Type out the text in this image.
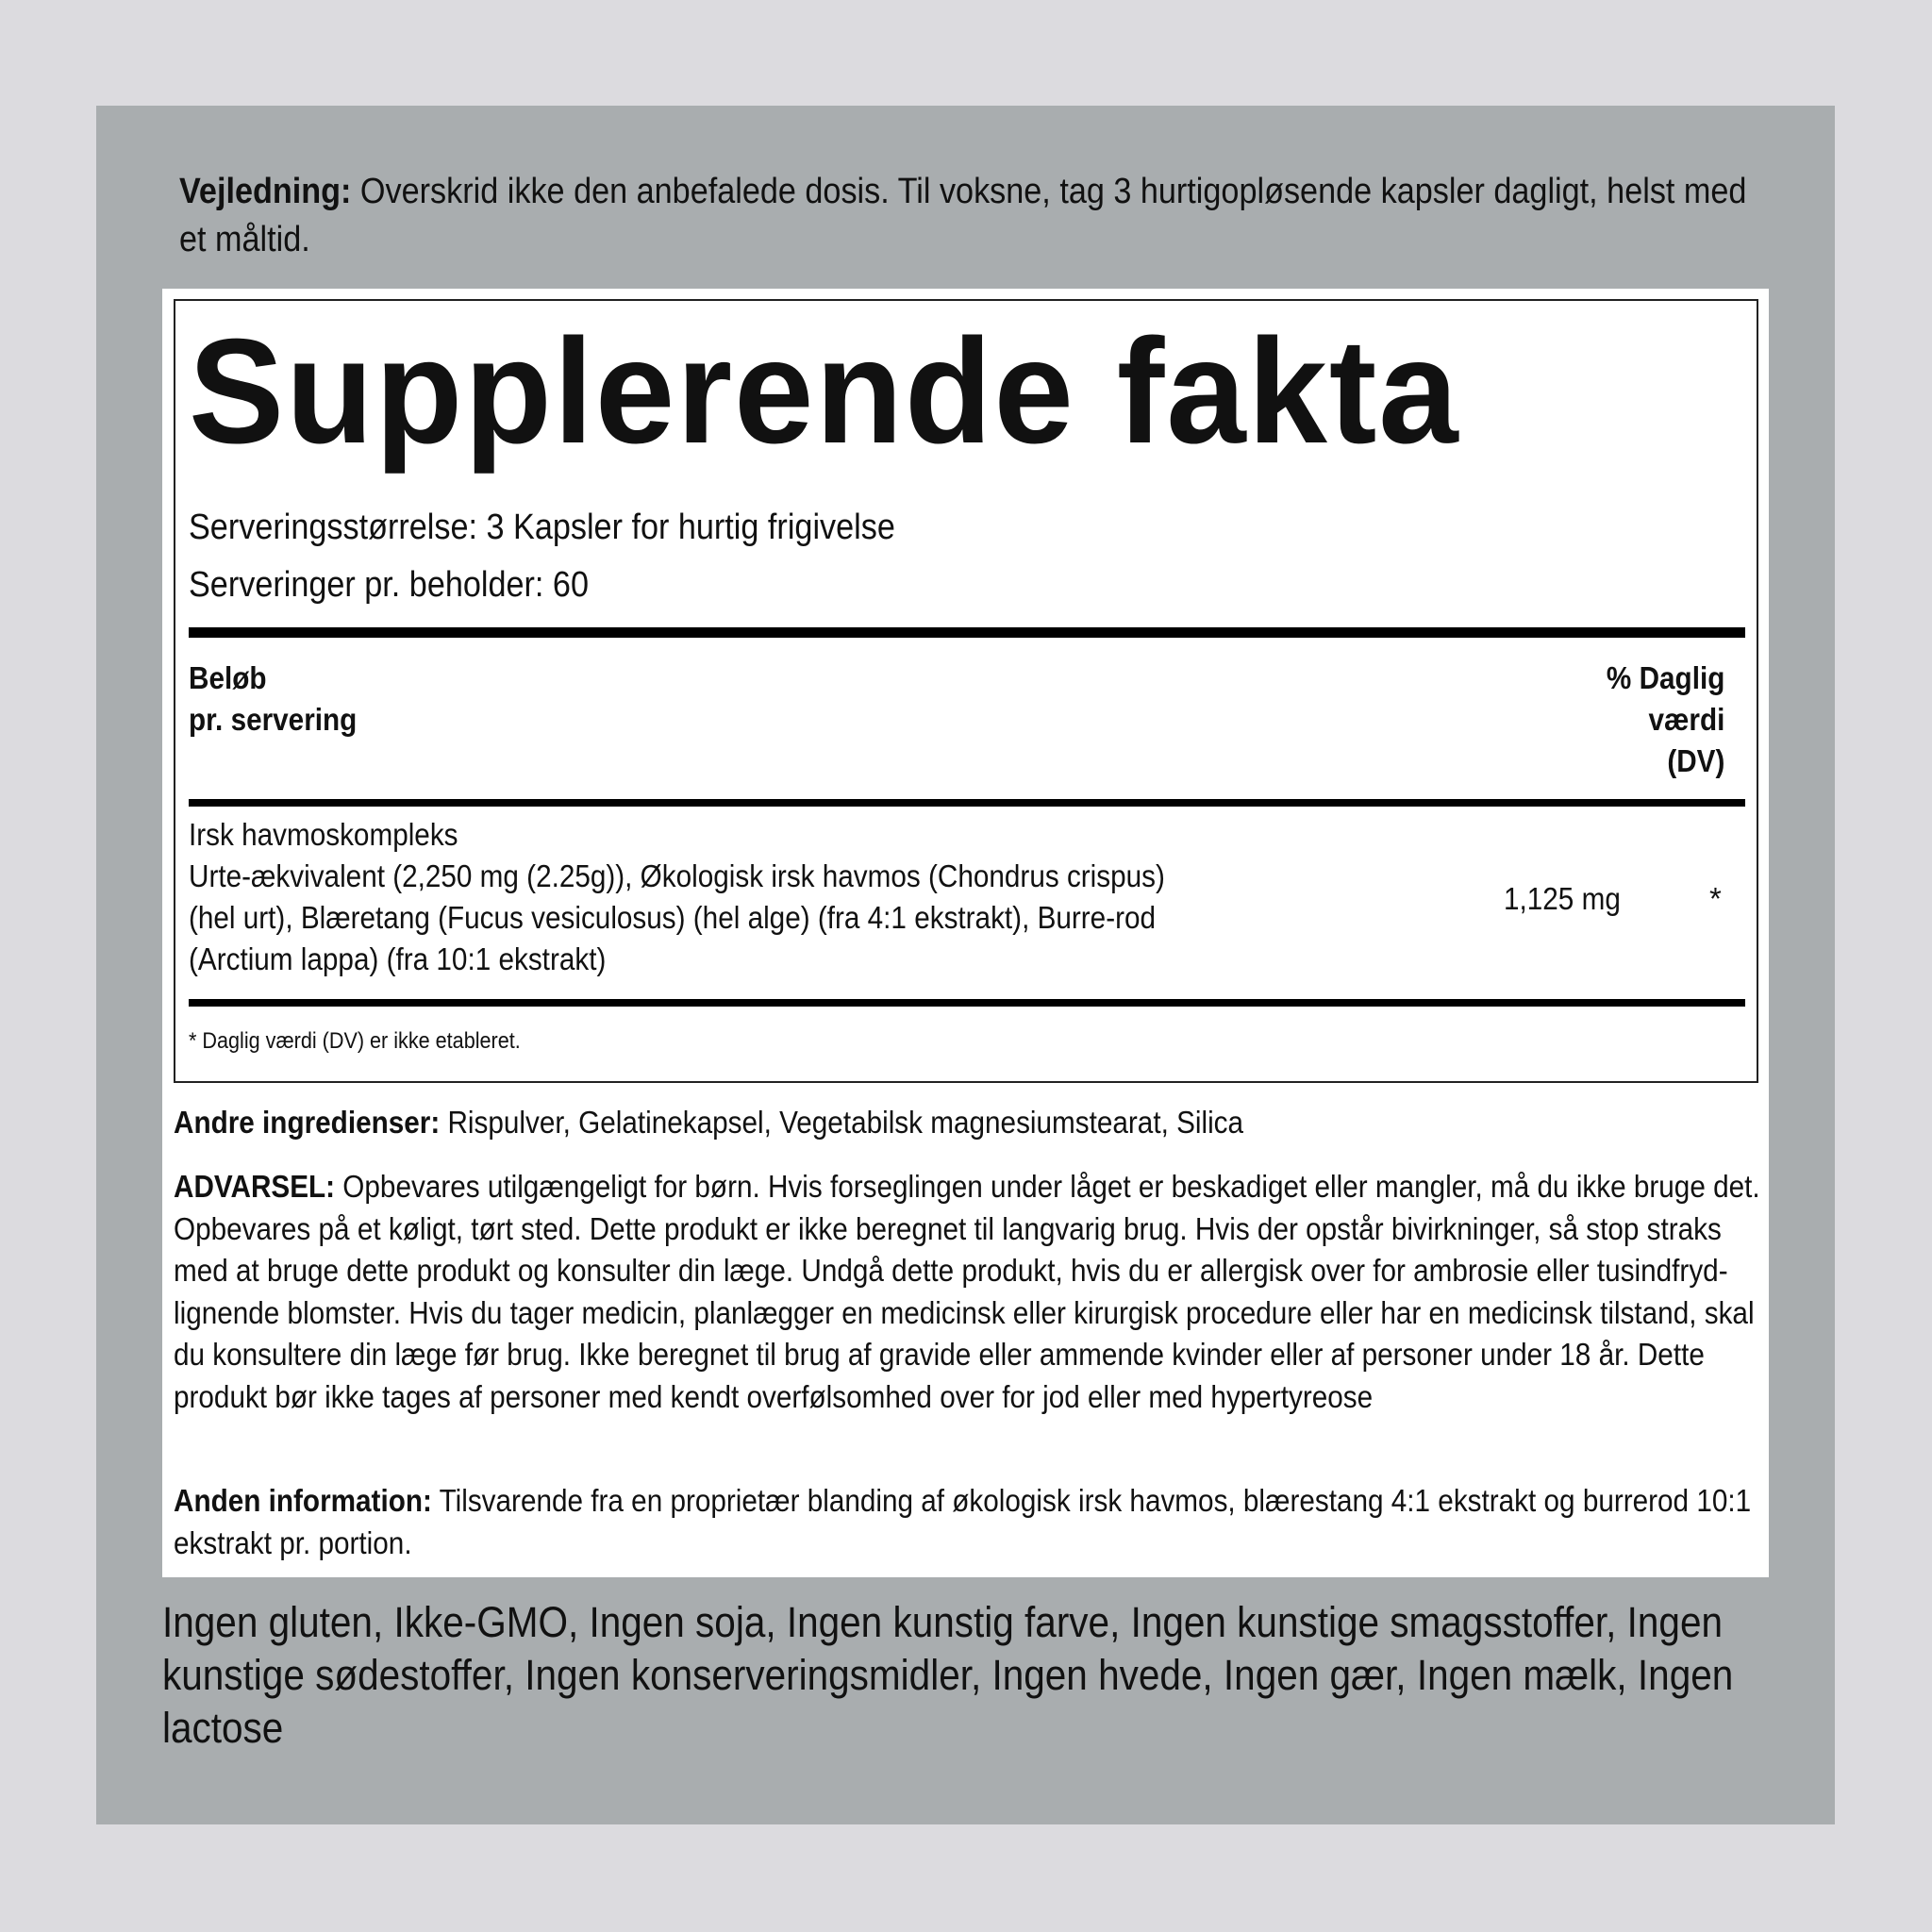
Vejledning: Overskrid ikke den anbefalede dosis. Til voksne, tag 3 hurtigopløsende kapsler dagligt, helst med et måltid.
Supplerende fakta
Serveringsstørrelse: 3 Kapsler for hurtig frigivelse
Serveringer pr. beholder: 60
Beløb
pr. servering
% Daglig
værdi
(DV)
Irsk havmoskompleks
Urte-ækvivalent (2,250 mg (2.25g)), Økologisk irsk havmos (Chondrus crispus) (hel urt), Blæretang (Fucus vesiculosus) (hel alge) (fra 4:1 ekstrakt), Burre-rod (Arctium lappa) (fra 10:1 ekstrakt)
1,125 mg	*
* Daglig værdi (DV) er ikke etableret.
Andre ingredienser: Rispulver, Gelatinekapsel, Vegetabilsk magnesiumstearat, Silica
ADVARSEL: Opbevares utilgængeligt for børn. Hvis forseglingen under låget er beskadiget eller mangler, må du ikke bruge det. Opbevares på et køligt, tørt sted. Dette produkt er ikke beregnet til langvarig brug. Hvis der opstår bivirkninger, så stop straks med at bruge dette produkt og konsulter din læge. Undgå dette produkt, hvis du er allergisk over for ambrosie eller tusindfryd-lignende blomster. Hvis du tager medicin, planlægger en medicinsk eller kirurgisk procedure eller har en medicinsk tilstand, skal du konsultere din læge før brug. Ikke beregnet til brug af gravide eller ammende kvinder eller af personer under 18 år. Dette produkt bør ikke tages af personer med kendt overfølsomhed over for jod eller med hypertyreose
Anden information: Tilsvarende fra en proprietær blanding af økologisk irsk havmos, blærestang 4:1 ekstrakt og burrerod 10:1 ekstrakt pr. portion.
Ingen gluten, Ikke-GMO, Ingen soja, Ingen kunstig farve, Ingen kunstige smagsstoffer, Ingen kunstige sødestoffer, Ingen konserveringsmidler, Ingen hvede, Ingen gær, Ingen mælk, Ingen lactose
